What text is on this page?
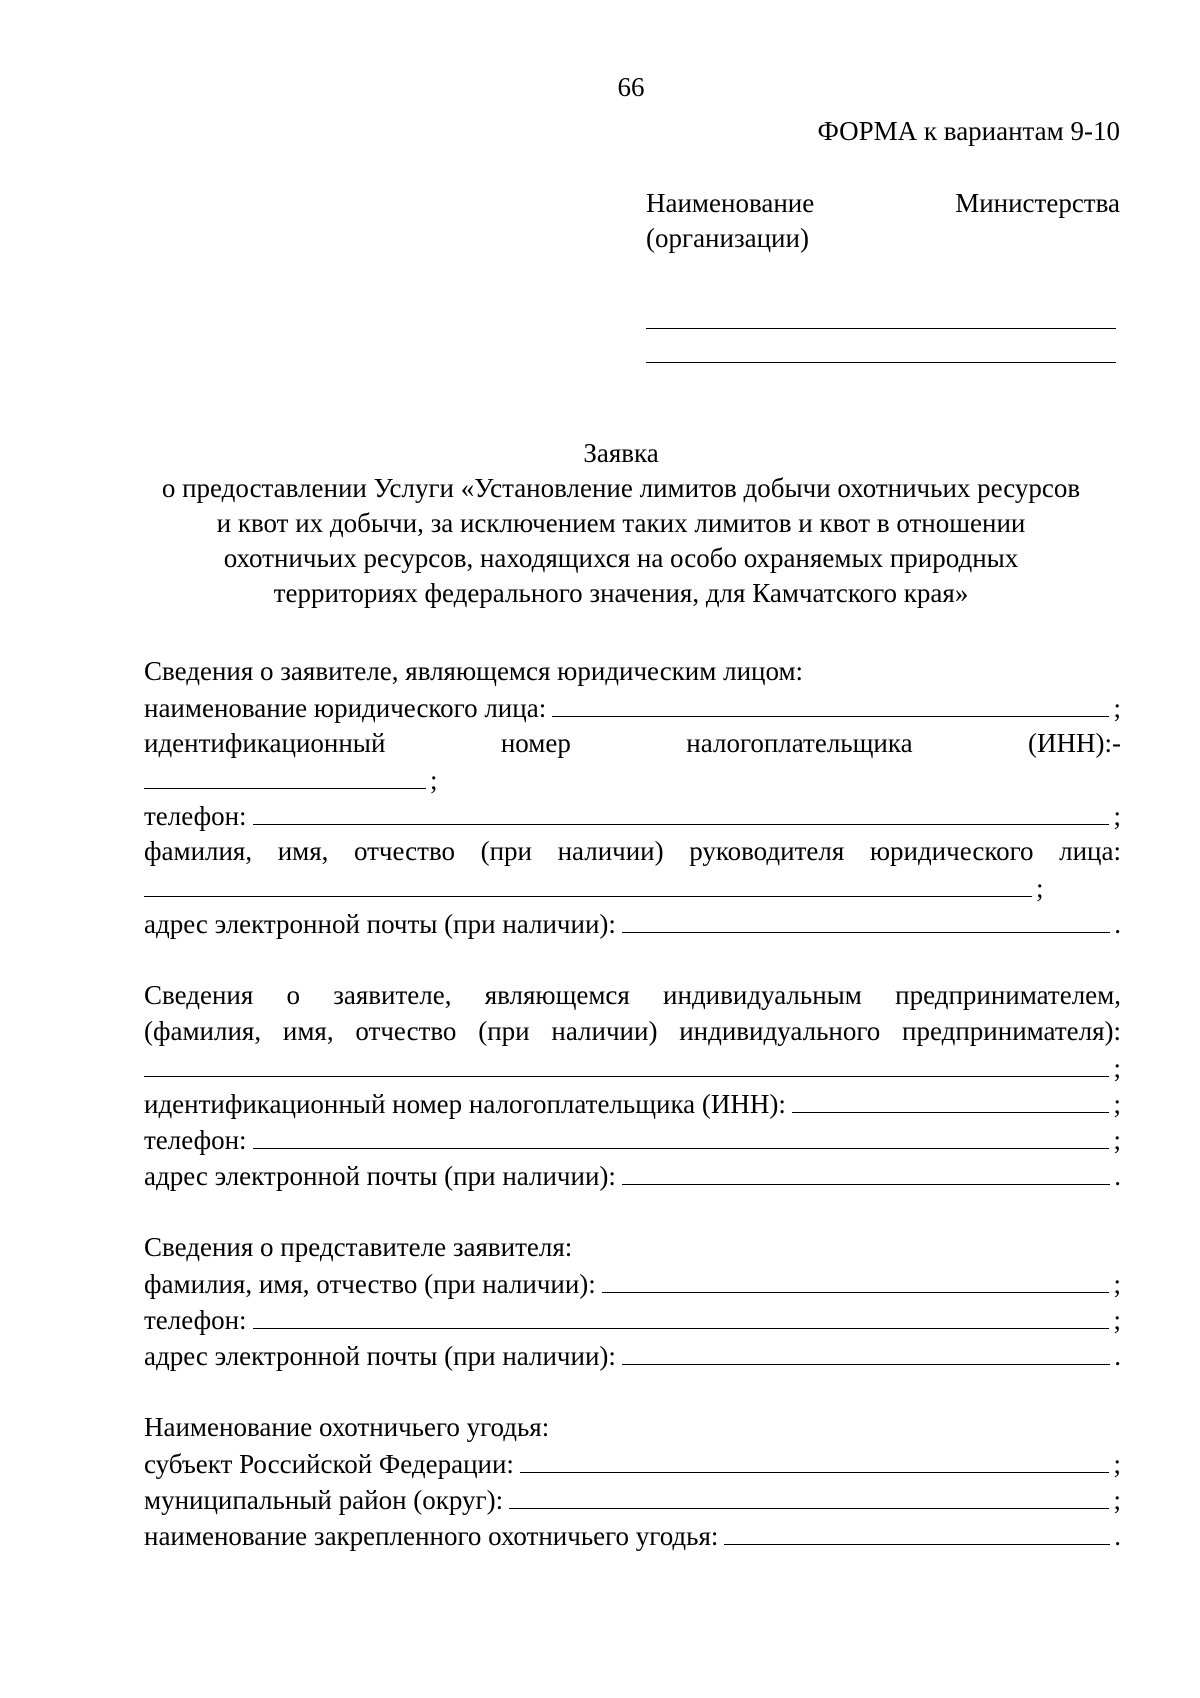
66
ФОРМА к вариантам 9-10
Наименование	Министерства
(организации)
Заявка
о предоставлении Услуги «Установление лимитов добычи охотничьих ресурсов
и квот их добычи, за исключением таких лимитов и квот в отношении
охотничьих ресурсов, находящихся на особо охраняемых природных
территориях федерального значения, для Камчатского края»
Сведения о заявителе, являющемся юридическим лицом:
наименование юридического лица:	;
идентификационный	номер	налогоплательщика	(ИНН):-
;
телефон:	;
фамилия, имя, отчество (при наличии) руководителя юридического лица:
;
адрес электронной почты (при наличии):	.
Сведения о заявителе, являющемся индивидуальным предпринимателем,
(фамилия, имя, отчество (при наличии) индивидуального предпринимателя):
;
идентификационный номер налогоплательщика (ИНН):	;
телефон:	;
адрес электронной почты (при наличии):	.
Сведения о представителе заявителя:
фамилия, имя, отчество (при наличии):	;
телефон:	;
адрес электронной почты (при наличии):	.
Наименование охотничьего угодья:
субъект Российской Федерации:	;
муниципальный район (округ):	;
наименование закрепленного охотничьего угодья:	.
